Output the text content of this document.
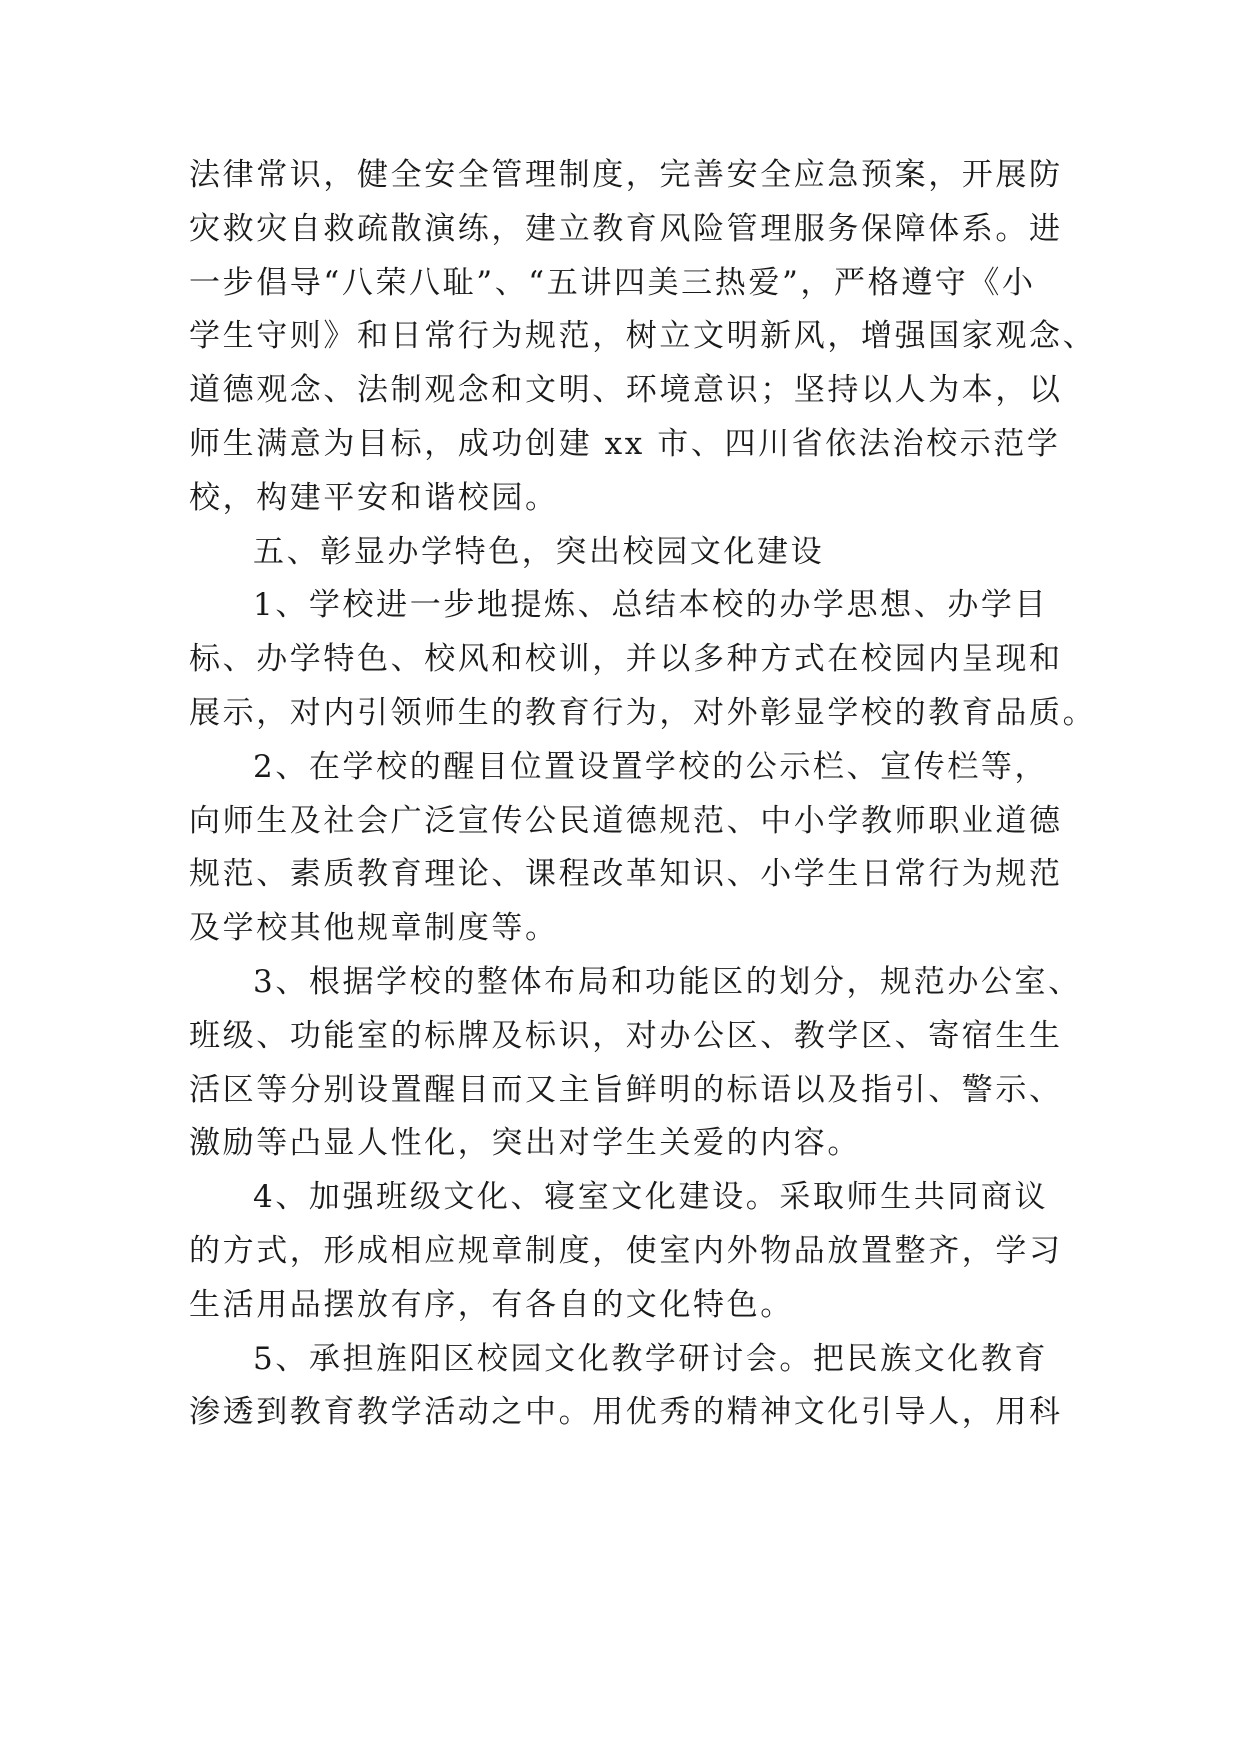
法律常识，健全安全管理制度，完善安全应急预案，开展防
灾救灾自救疏散演练，建立教育风险管理服务保障体系。进
一步倡导“八荣八耻”、“五讲四美三热爱”，严格遵守《小
学生守则》和日常行为规范，树立文明新风，增强国家观念、
道德观念、法制观念和文明、环境意识；坚持以人为本，以
师生满意为目标，成功创建 xx 市、四川省依法治校示范学
校，构建平安和谐校园。

五、彰显办学特色，突出校园文化建设

1、学校进一步地提炼、总结本校的办学思想、办学目
标、办学特色、校风和校训，并以多种方式在校园内呈现和
展示，对内引领师生的教育行为，对外彰显学校的教育品质。

2、在学校的醒目位置设置学校的公示栏、宣传栏等，
向师生及社会广泛宣传公民道德规范、中小学教师职业道德
规范、素质教育理论、课程改革知识、小学生日常行为规范
及学校其他规章制度等。

3、根据学校的整体布局和功能区的划分，规范办公室、
班级、功能室的标牌及标识，对办公区、教学区、寄宿生生
活区等分别设置醒目而又主旨鲜明的标语以及指引、警示、
激励等凸显人性化，突出对学生关爱的内容。

4、加强班级文化、寝室文化建设。采取师生共同商议
的方式，形成相应规章制度，使室内外物品放置整齐，学习
生活用品摆放有序，有各自的文化特色。

5、承担旌阳区校园文化教学研讨会。把民族文化教育
渗透到教育教学活动之中。用优秀的精神文化引导人，用科
